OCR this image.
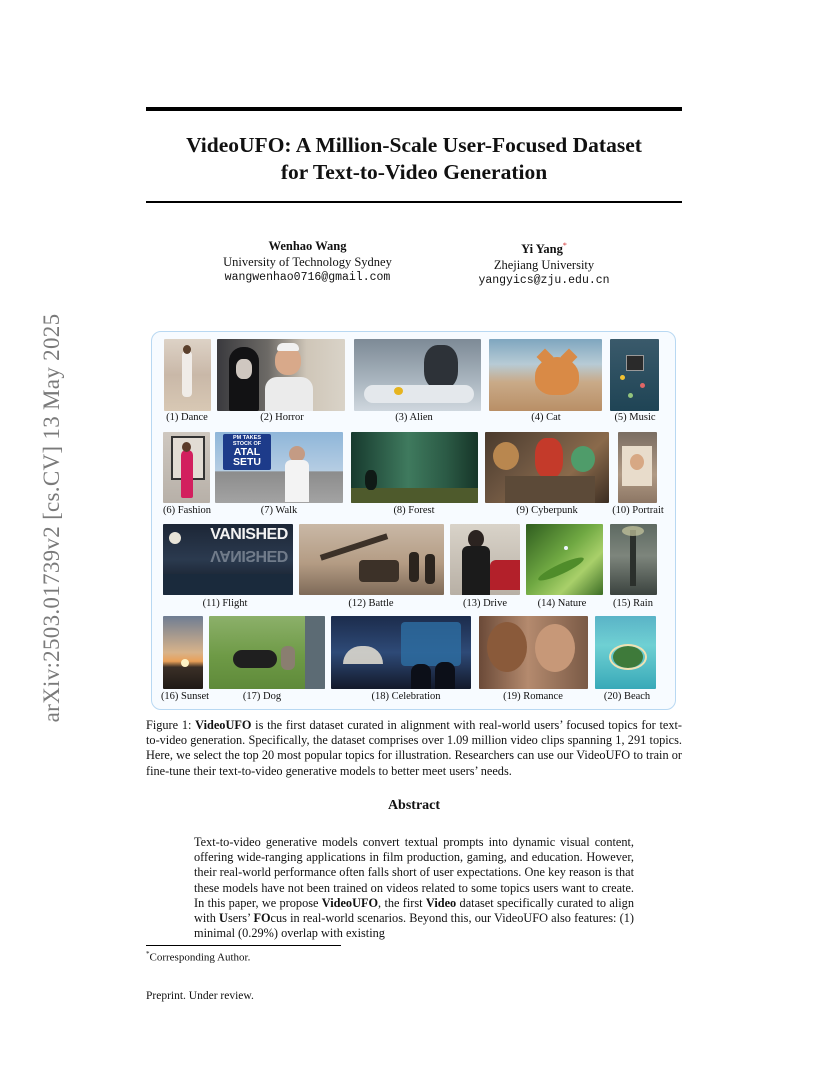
arXiv:2503.01739v2 [cs.CV] 13 May 2025
VideoUFO: A Million-Scale User-Focused Dataset
for Text-to-Video Generation
Wenhao Wang
University of Technology Sydney
wangwenhao0716@gmail.com
Yi Yang*
Zhejiang University
yangyics@zju.edu.cn
(1) Dance	(2) Horror	(3) Alien	(4) Cat	(5) Music
PM TAKES STOCK OF
ATAL SETU
(6) Fashion	(7) Walk	(8) Forest	(9) Cyberpunk	(10) Portrait
VANISHED
VANISHED
(11) Flight	(12) Battle	(13) Drive	(14) Nature	(15) Rain
(16) Sunset	(17) Dog	(18) Celebration	(19) Romance	(20) Beach
Figure 1: VideoUFO is the first dataset curated in alignment with real-world users’ focused topics for text-to-video generation. Specifically, the dataset comprises over 1.09 million video clips spanning 1, 291 topics. Here, we select the top 20 most popular topics for illustration. Researchers can use our VideoUFO to train or fine-tune their text-to-video generative models to better meet users’ needs.
Abstract
Text-to-video generative models convert textual prompts into dynamic visual content, offering wide-ranging applications in film production, gaming, and education. However, their real-world performance often falls short of user expectations. One key reason is that these models have not been trained on videos related to some topics users want to create. In this paper, we propose VideoUFO, the first Video dataset specifically curated to align with Users’ FOcus in real-world scenarios. Beyond this, our VideoUFO also features: (1) minimal (0.29%) overlap with existing
*Corresponding Author.
Preprint. Under review.
